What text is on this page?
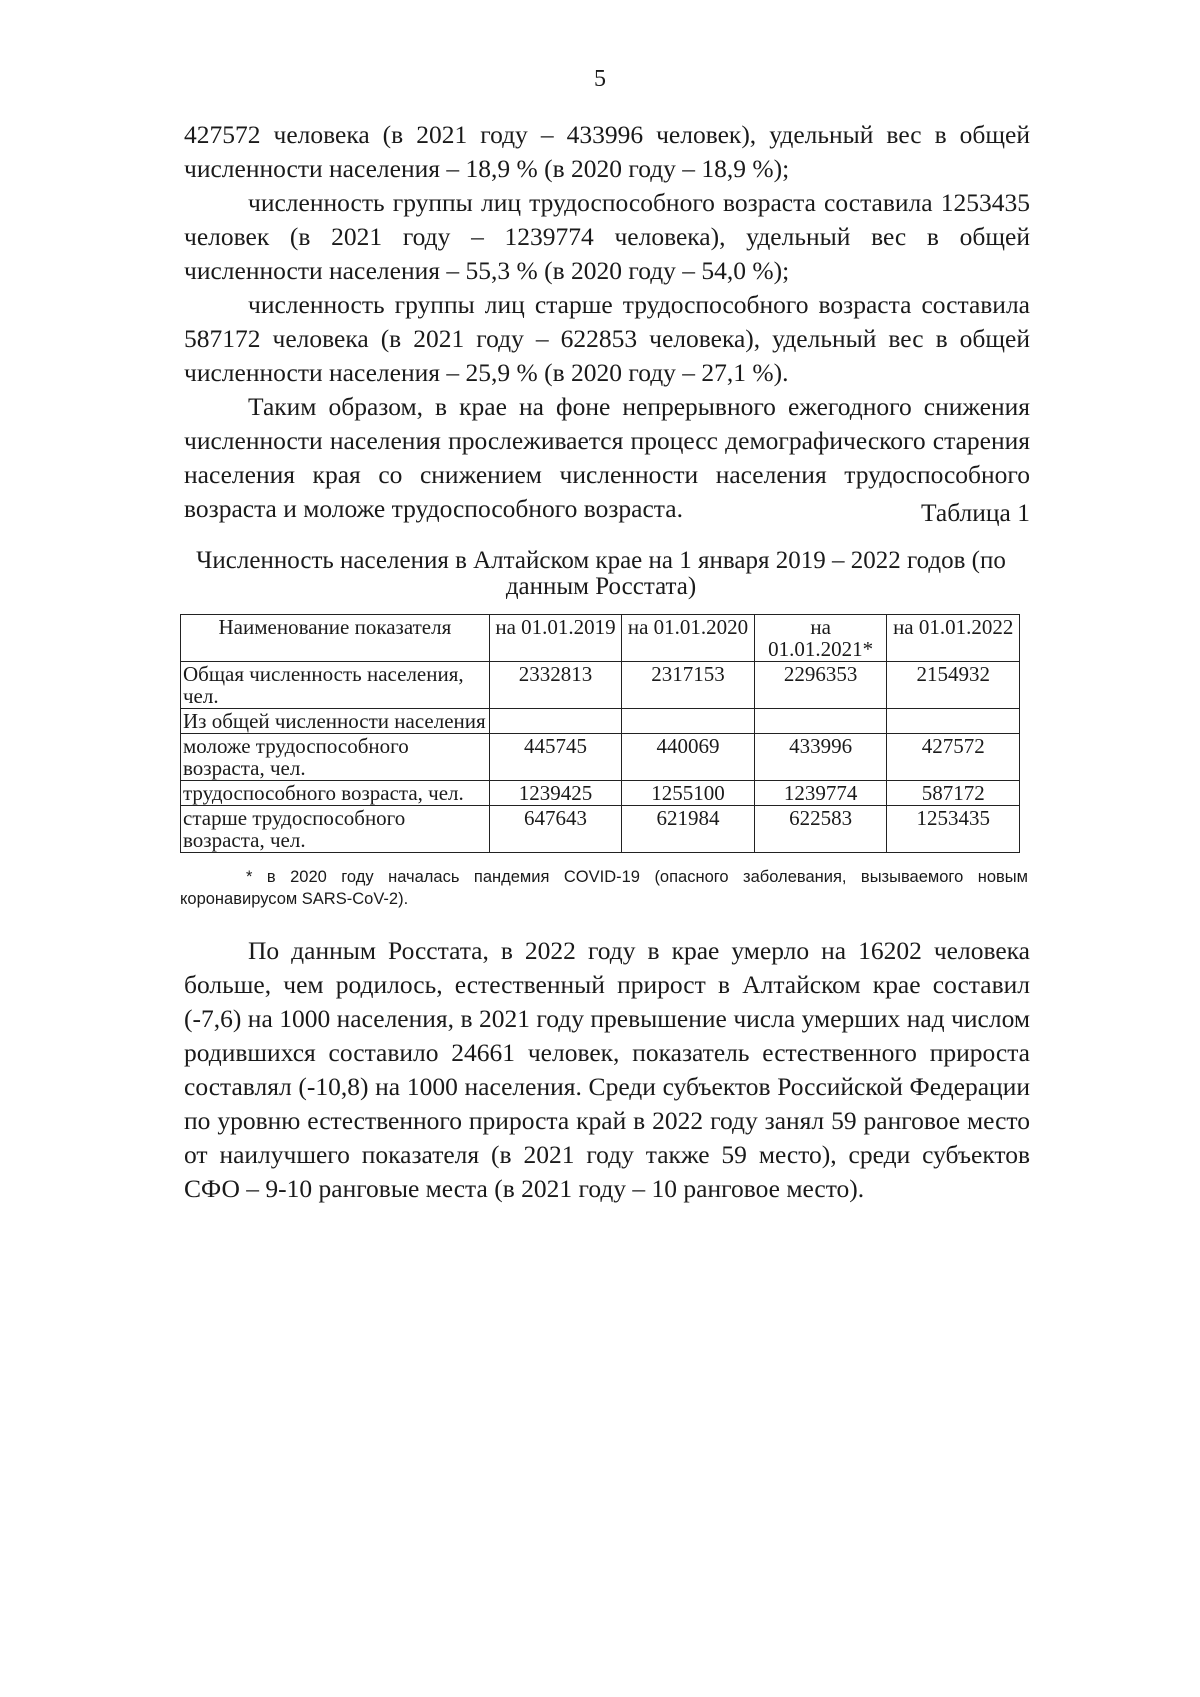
5

427572 человека (в 2021 году – 433996 человек), удельный вес в общей численности населения – 18,9 % (в 2020 году – 18,9 %);

численность группы лиц трудоспособного возраста составила 1253435 человек (в 2021 году – 1239774 человека), удельный вес в общей численности населения – 55,3 % (в 2020 году – 54,0 %);

численность группы лиц старше трудоспособного возраста составила 587172 человека (в 2021 году – 622853 человека), удельный вес в общей численности населения – 25,9 % (в 2020 году – 27,1 %).

Таким образом, в крае на фоне непрерывного ежегодного снижения численности населения прослеживается процесс демографического старения населения края со снижением численности населения трудоспособного возраста и моложе трудоспособного возраста.	Таблица 1
Численность населения в Алтайском крае на 1 января 2019 – 2022 годов (по данным Росстата)
Наименование показателя	на 01.01.2019	на 01.01.2020	на 01.01.2021*	на 01.01.2022
Общая численность населения, чел.	2332813	2317153	2296353	2154932
Из общей численности населения				
моложе трудоспособного возраста, чел.	445745	440069	433996	427572
трудоспособного возраста, чел.	1239425	1255100	1239774	587172
старше трудоспособного возраста, чел.	647643	621984	622583	1253435
* в 2020 году началась пандемия COVID-19 (опасного заболевания, вызываемого новым коронавирусом SARS-CoV-2).

По данным Росстата, в 2022 году в крае умерло на 16202 человека больше, чем родилось, естественный прирост в Алтайском крае составил (-7,6) на 1000 населения, в 2021 году превышение числа умерших над числом родившихся составило 24661 человек, показатель естественного прироста составлял (-10,8) на 1000 населения. Среди субъектов Российской Федерации по уровню естественного прироста край в 2022 году занял 59 ранговое место от наилучшего показателя (в 2021 году также 59 место), среди субъектов СФО – 9-10 ранговые места (в 2021 году – 10 ранговое место).
